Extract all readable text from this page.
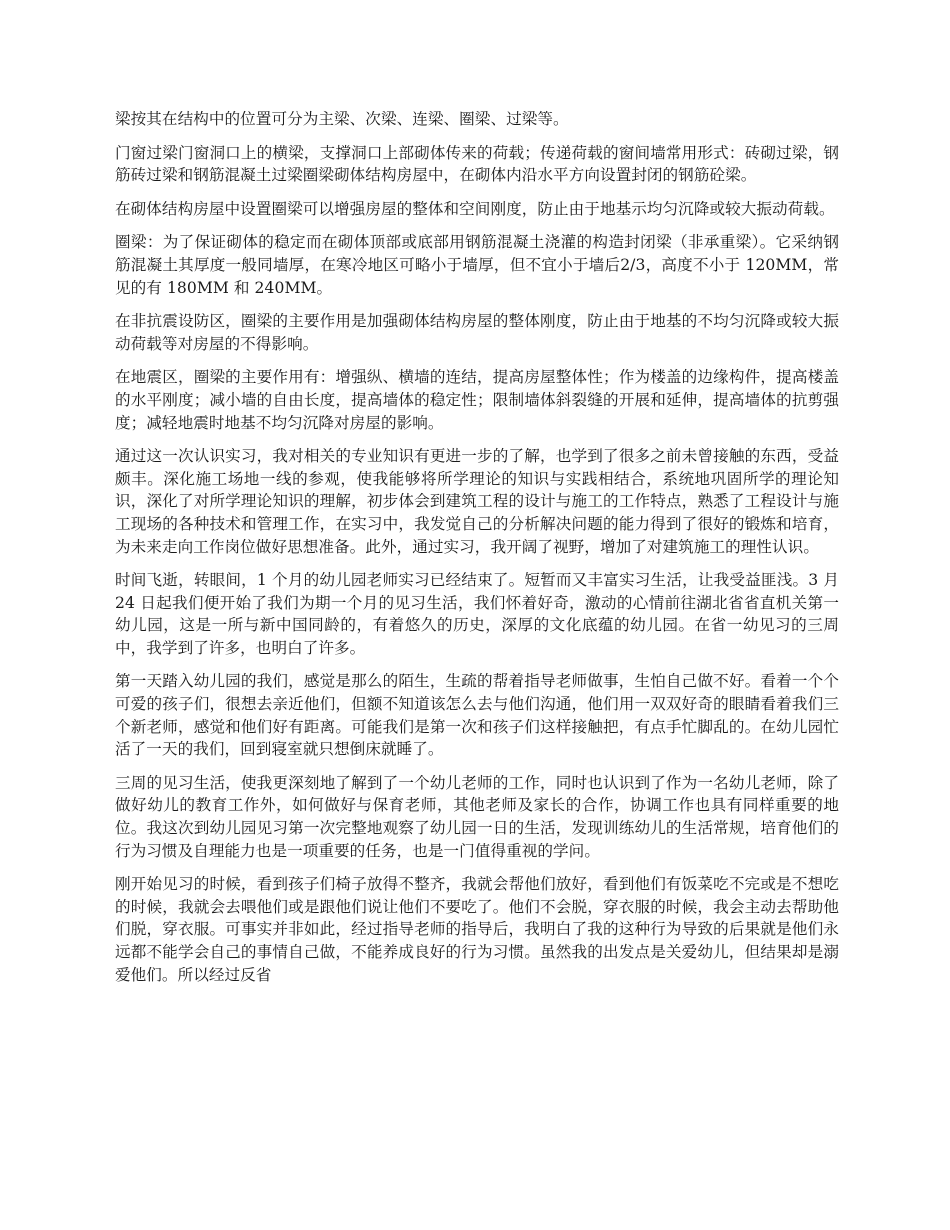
梁按其在结构中的位置可分为主梁、次梁、连梁、圈梁、过梁等。

门窗过梁门窗洞口上的横梁，支撑洞口上部砌体传来的荷载；传递荷载的窗间墙常用形式：砖砌过梁，钢筋砖过梁和钢筋混凝土过梁圈梁砌体结构房屋中，在砌体内沿水平方向设置封闭的钢筋砼梁。

在砌体结构房屋中设置圈梁可以增强房屋的整体和空间刚度，防止由于地基示均匀沉降或较大振动荷载。

圈梁：为了保证砌体的稳定而在砌体顶部或底部用钢筋混凝土浇灌的构造封闭梁（非承重梁）。它采纳钢筋混凝土其厚度一般同墙厚，在寒冷地区可略小于墙厚，但不宜小于墙后2/3，高度不小于 120MM，常见的有 180MM 和 240MM。

在非抗震设防区，圈梁的主要作用是加强砌体结构房屋的整体刚度，防止由于地基的不均匀沉降或较大振动荷载等对房屋的不得影响。

在地震区，圈梁的主要作用有：增强纵、横墙的连结，提高房屋整体性；作为楼盖的边缘构件，提高楼盖的水平刚度；减小墙的自由长度，提高墙体的稳定性；限制墙体斜裂缝的开展和延伸，提高墙体的抗剪强度；减轻地震时地基不均匀沉降对房屋的影响。

通过这一次认识实习，我对相关的专业知识有更进一步的了解，也学到了很多之前未曾接触的东西，受益颇丰。深化施工场地一线的参观，使我能够将所学理论的知识与实践相结合，系统地巩固所学的理论知识，深化了对所学理论知识的理解，初步体会到建筑工程的设计与施工的工作特点，熟悉了工程设计与施工现场的各种技术和管理工作，在实习中，我发觉自己的分析解决问题的能力得到了很好的锻炼和培育，为未来走向工作岗位做好思想准备。此外，通过实习，我开阔了视野，增加了对建筑施工的理性认识。

时间飞逝，转眼间，1 个月的幼儿园老师实习已经结束了。短暂而又丰富实习生活，让我受益匪浅。3 月 24 日起我们便开始了我们为期一个月的见习生活，我们怀着好奇，激动的心情前往湖北省省直机关第一幼儿园，这是一所与新中国同龄的，有着悠久的历史，深厚的文化底蕴的幼儿园。在省一幼见习的三周中，我学到了许多，也明白了许多。

第一天踏入幼儿园的我们，感觉是那么的陌生，生疏的帮着指导老师做事，生怕自己做不好。看着一个个可爱的孩子们，很想去亲近他们，但额不知道该怎么去与他们沟通，他们用一双双好奇的眼睛看着我们三个新老师，感觉和他们好有距离。可能我们是第一次和孩子们这样接触把，有点手忙脚乱的。在幼儿园忙活了一天的我们，回到寝室就只想倒床就睡了。

三周的见习生活，使我更深刻地了解到了一个幼儿老师的工作，同时也认识到了作为一名幼儿老师，除了做好幼儿的教育工作外，如何做好与保育老师，其他老师及家长的合作，协调工作也具有同样重要的地位。我这次到幼儿园见习第一次完整地观察了幼儿园一日的生活，发现训练幼儿的生活常规，培育他们的行为习惯及自理能力也是一项重要的任务，也是一门值得重视的学问。

刚开始见习的时候，看到孩子们椅子放得不整齐，我就会帮他们放好，看到他们有饭菜吃不完或是不想吃的时候，我就会去喂他们或是跟他们说让他们不要吃了。他们不会脱，穿衣服的时候，我会主动去帮助他们脱，穿衣服。可事实并非如此，经过指导老师的指导后，我明白了我的这种行为导致的后果就是他们永远都不能学会自己的事情自己做，不能养成良好的行为习惯。虽然我的出发点是关爱幼儿，但结果却是溺爱他们。所以经过反省
